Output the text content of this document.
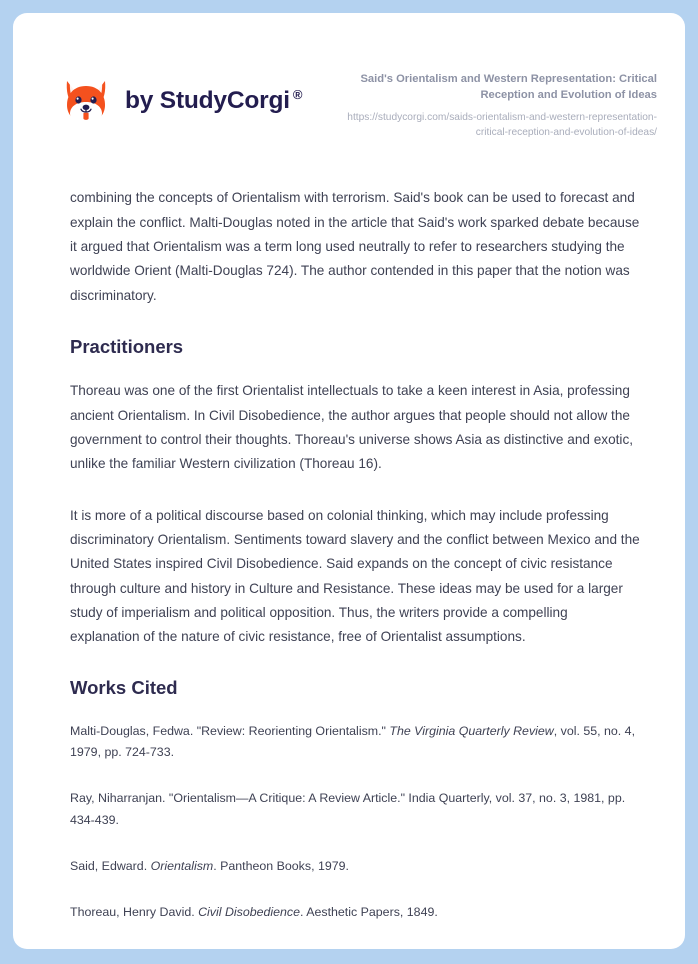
by StudyCorgi ®

Said's Orientalism and Western Representation: Critical Reception and Evolution of Ideas

https://studycorgi.com/saids-orientalism-and-western-representation-critical-reception-and-evolution-of-ideas/

combining the concepts of Orientalism with terrorism. Said's book can be used to forecast and explain the conflict. Malti-Douglas noted in the article that Said's work sparked debate because it argued that Orientalism was a term long used neutrally to refer to researchers studying the worldwide Orient (Malti-Douglas 724). The author contended in this paper that the notion was discriminatory.

Practitioners

Thoreau was one of the first Orientalist intellectuals to take a keen interest in Asia, professing ancient Orientalism. In Civil Disobedience, the author argues that people should not allow the government to control their thoughts. Thoreau's universe shows Asia as distinctive and exotic, unlike the familiar Western civilization (Thoreau 16).

It is more of a political discourse based on colonial thinking, which may include professing discriminatory Orientalism. Sentiments toward slavery and the conflict between Mexico and the United States inspired Civil Disobedience. Said expands on the concept of civic resistance through culture and history in Culture and Resistance. These ideas may be used for a larger study of imperialism and political opposition. Thus, the writers provide a compelling explanation of the nature of civic resistance, free of Orientalist assumptions.

Works Cited
Malti-Douglas, Fedwa. "Review: Reorienting Orientalism." The Virginia Quarterly Review, vol. 55, no. 4, 1979, pp. 724-733.
Ray, Niharranjan. "Orientalism—A Critique: A Review Article." India Quarterly, vol. 37, no. 3, 1981, pp. 434-439.
Said, Edward. Orientalism. Pantheon Books, 1979.
Thoreau, Henry David. Civil Disobedience. Aesthetic Papers, 1849.
